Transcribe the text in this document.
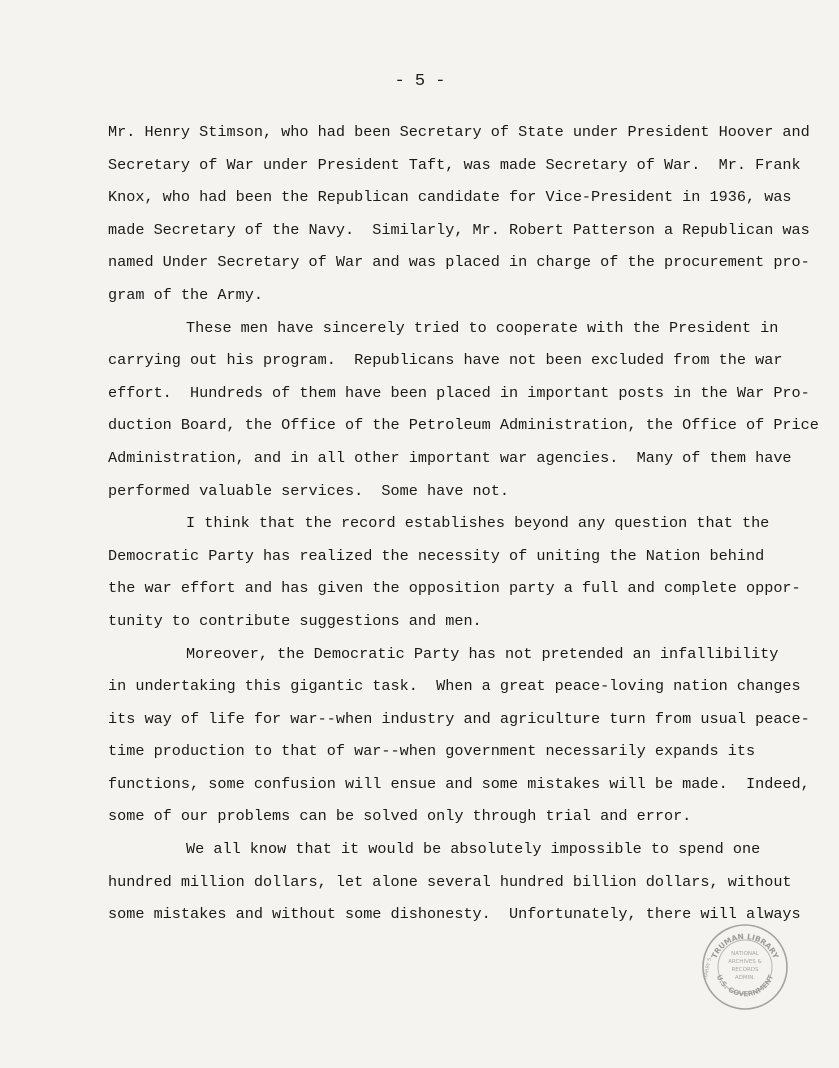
- 5 -
Mr. Henry Stimson, who had been Secretary of State under President Hoover and
Secretary of War under President Taft, was made Secretary of War.  Mr. Frank
Knox, who had been the Republican candidate for Vice-President in 1936, was
made Secretary of the Navy.  Similarly, Mr. Robert Patterson a Republican was
named Under Secretary of War and was placed in charge of the procurement pro-
gram of the Army.
These men have sincerely tried to cooperate with the President in
carrying out his program.  Republicans have not been excluded from the war
effort.  Hundreds of them have been placed in important posts in the War Pro-
duction Board, the Office of the Petroleum Administration, the Office of Price
Administration, and in all other important war agencies.  Many of them have
performed valuable services.  Some have not.
I think that the record establishes beyond any question that the
Democratic Party has realized the necessity of uniting the Nation behind
the war effort and has given the opposition party a full and complete oppor-
tunity to contribute suggestions and men.
Moreover, the Democratic Party has not pretended an infallibility
in undertaking this gigantic task.  When a great peace-loving nation changes
its way of life for war--when industry and agriculture turn from usual peace-
time production to that of war--when government necessarily expands its
functions, some confusion will ensue and some mistakes will be made.  Indeed,
some of our problems can be solved only through trial and error.
We all know that it would be absolutely impossible to spend one
hundred million dollars, let alone several hundred billion dollars, without
some mistakes and without some dishonesty.  Unfortunately, there will always
TRUMAN LIBRARY
U.S. GOVERNMENT
NATIONAL
ARCHIVES &
RECORDS
ADMIN.
HARRY S.
